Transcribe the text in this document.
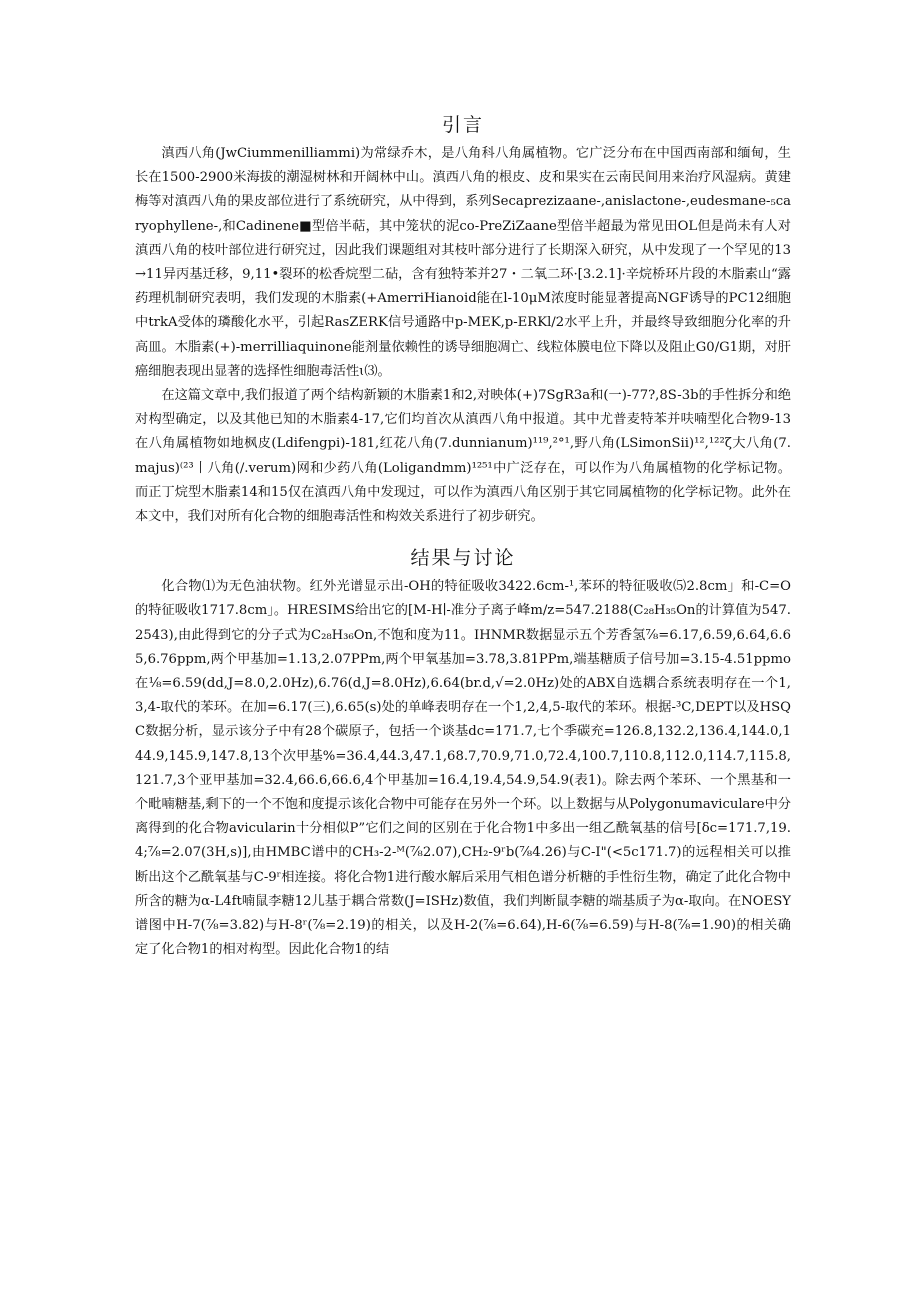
引言

滇西八角(JwCiummenilliammi)为常绿乔木，是八角科八角属植物。它广泛分布在中国西南部和缅甸，生长在1500-2900米海拔的潮湿树林和开阔林中山。滇西八角的根皮、皮和果实在云南民间用来治疗风湿病。黄建梅等对滇西八角的果皮部位进行了系统研究，从中得到，系列Secaprezizaane-,anislactone-,eudesmane-₅caryophyllene-,和Cadinene■型倍半萜，其中笼状的泥co-PreZiZaane型倍半超最为常见田OL但是尚未有人对滇西八角的枝叶部位进行研究过，因此我们课题组对其枝叶部分进行了长期深入研究，从中发现了一个罕见的13→11异丙基迁移，9,11•裂环的松香烷型二砧，含有独特苯并27・二氧二环·[3.2.1]·辛烷桥环片段的木脂素山“露药理机制研究表明，我们发现的木脂素(+AmerriHianoid能在l-10μM浓度时能显著提高NGF诱导的PC12细胞中trkA受体的璘酸化水平，引起RasZERK信号通路中p-MEK,p-ERKl/2水平上升，并最终导致细胞分化率的升高皿。木脂素(+)-merrilliaquinone能剂量依赖性的诱导细胞凋亡、线粒体膜电位下降以及阻止G0/G1期，对肝癌细胞表现出显著的选择性细胞毒活性ɩ⑶。

在这篇文章中,我们报道了两个结构新颖的木脂素1和2,对映体(+)7SgR3a和(一)-77?,8S-3b的手性拆分和绝对构型确定，以及其他已知的木脂素4-17,它们均首次从滇西八角中报道。其中尤普麦特苯并呋喃型化合物9-13在八角属植物如地枫皮(Ldifengpi)-181,红花八角(7.dunnianum)¹¹⁹,²°¹,野八角(LSimonSii)¹²,¹²²ζ大八角(7.majus)⁽²³丨八角(/.verum)网和少药八角(Loligandmm)¹²⁵¹中广泛存在，可以作为八角属植物的化学标记物。而正丁烷型木脂素14和15仅在滇西八角中发现过，可以作为滇西八角区别于其它同属植物的化学标记物。此外在本文中，我们对所有化合物的细胞毒活性和构效关系进行了初步研究。

结果与讨论

化合物⑴为无色油状物。红外光谱显示出-OH的特征吸收3422.6cm-¹,苯环的特征吸收⑸2.8cm」和-C=O的特征吸收1717.8cm」。HRESIMS给出它的[M-H∣-准分子离子峰m/z=547.2188(C₂₈H₃₅On的计算值为547.2543),由此得到它的分子式为C₂₈H₃₆On,不饱和度为11。IHNMR数据显示五个芳香氢⅞=6.17,6.59,6.64,6.65,6.76ppm,两个甲基加=1.13,2.07PPm,两个甲氧基加=3.78,3.81PPm,端基糖质子信号加=3.15-4.51ppmo在⅛=6.59(dd,J=8.0,2.0Hz),6.76(d,J=8.0Hz),6.64(br.d,√=2.0Hz)处的ABX自选耦合系统表明存在一个1,3,4-取代的苯环。在加=6.17(三),6.65(s)处的单峰表明存在一个1,2,4,5-取代的苯环。根据-³C,DEPT以及HSQC数据分析，显示该分子中有28个碳原子，包括一个谈基dc=171.7,七个季碳充=126.8,132.2,136.4,144.0,144.9,145.9,147.8,13个次甲基%=36.4,44.3,47.1,68.7,70.9,71.0,72.4,100.7,110.8,112.0,114.7,115.8,121.7,3个亚甲基加=32.4,66.6,66.6,4个甲基加=16.4,19.4,54.9,54.9(表1)。除去两个苯环、一个黑基和一个毗喃糖基,剩下的一个不饱和度提示该化合物中可能存在另外一个环。以上数据与从Polygonumaviculare中分离得到的化合物avicularin十分相似P”它们之间的区别在于化合物1中多出一组乙酰氧基的信号[δc=171.7,19.4;⅞=2.07(3H,s)],由HMBC谱中的CH₃-2-ᴹ(⅞2.07),CH₂-9ʳb(⅞4.26)与C-I"(<5c171.7)的远程相关可以推断出这个乙酰氧基与C-9ʳ相连接。将化合物1进行酸水解后采用气相色谱分析糖的手性衍生物，确定了此化合物中所含的糖为α-L4ft喃鼠李糖12儿基于耦合常数(J=ISHz)数值，我们判断鼠李糖的端基质子为α-取向。在NOESY谱图中H-7(⅞=3.82)与H-8ʳ(⅞=2.19)的相关，以及H-2(⅞=6.64),H-6(⅞=6.59)与H-8(⅞=1.90)的相关确定了化合物1的相对构型。因此化合物1的结
